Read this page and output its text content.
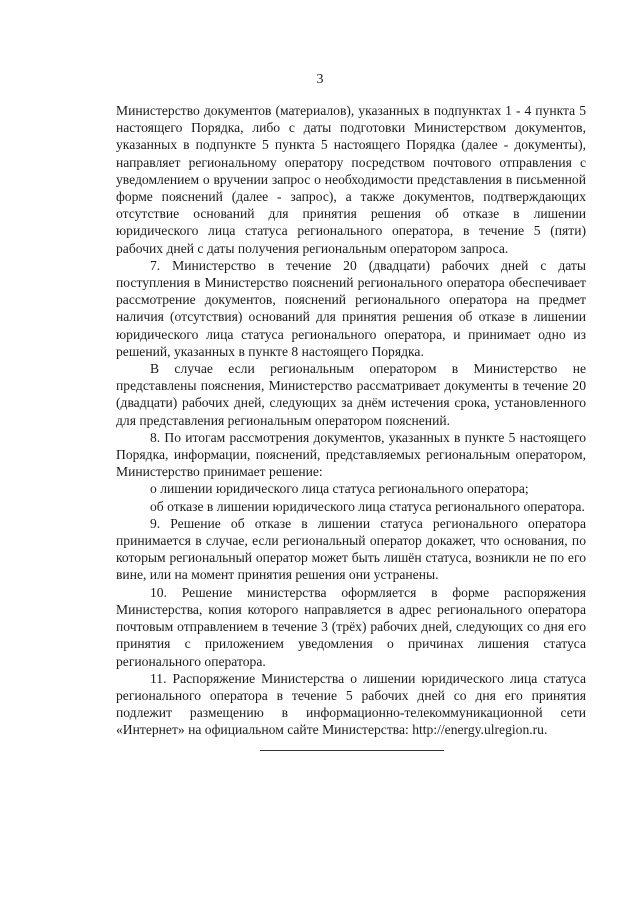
3

Министерство документов (материалов), указанных в подпунктах 1 - 4 пункта 5 настоящего Порядка, либо с даты подготовки Министерством документов, указанных в подпункте 5 пункта 5 настоящего Порядка (далее - документы), направляет региональному оператору посредством почтового отправления с уведомлением о вручении запрос о необходимости представления в письменной форме пояснений (далее - запрос), а также документов, подтверждающих отсутствие оснований для принятия решения об отказе в лишении юридического лица статуса регионального оператора, в течение 5 (пяти) рабочих дней с даты получения региональным оператором запроса.

7. Министерство в течение 20 (двадцати) рабочих дней с даты поступления в Министерство пояснений регионального оператора обеспечивает рассмотрение документов, пояснений регионального оператора на предмет наличия (отсутствия) оснований для принятия решения об отказе в лишении юридического лица статуса регионального оператора, и принимает одно из решений, указанных в пункте 8 настоящего Порядка.

В случае если региональным оператором в Министерство не представлены пояснения, Министерство рассматривает документы в течение 20 (двадцати) рабочих дней, следующих за днём истечения срока, установленного для представления региональным оператором пояснений.

8. По итогам рассмотрения документов, указанных в пункте 5 настоящего Порядка, информации, пояснений, представляемых региональным оператором, Министерство принимает решение:

о лишении юридического лица статуса регионального оператора;

об отказе в лишении юридического лица статуса регионального оператора.

9. Решение об отказе в лишении статуса регионального оператора принимается в случае, если региональный оператор докажет, что основания, по которым региональный оператор может быть лишён статуса, возникли не по его вине, или на момент принятия решения они устранены.

10. Решение министерства оформляется в форме распоряжения Министерства, копия которого направляется в адрес регионального оператора почтовым отправлением в течение 3 (трёх) рабочих дней, следующих со дня его принятия с приложением уведомления о причинах лишения статуса регионального оператора.

11. Распоряжение Министерства о лишении юридического лица статуса регионального оператора в течение 5 рабочих дней со дня его принятия подлежит размещению в информационно-телекоммуникационной сети «Интернет» на официальном сайте Министерства: http://energy.ulregion.ru.
